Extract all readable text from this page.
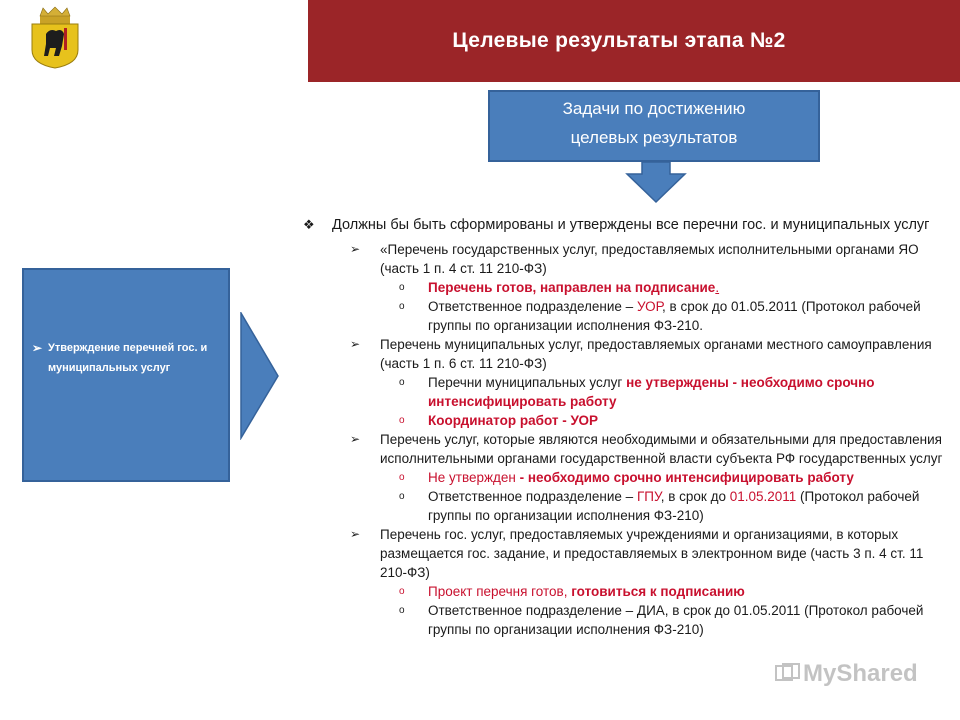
Целевые результаты этапа №2
Задачи по достижению
целевых результатов
➢ Утверждение перечней гос. и муниципальных услуг
❖ Должны бы быть сформированы и утверждены все перечни гос. и муниципальных услуг
➢ «Перечень государственных услуг, предоставляемых исполнительными органами ЯО (часть 1 п. 4 ст. 11 210-ФЗ)
o Перечень готов, направлен на подписание.
o Ответственное подразделение – УОР, в срок до 01.05.2011 (Протокол рабочей группы по организации исполнения ФЗ-210.
➢ Перечень муниципальных услуг, предоставляемых органами местного самоуправления (часть 1 п. 6 ст. 11 210-ФЗ)
o Перечни муниципальных услуг не утверждены - необходимо срочно интенсифицировать работу
o Координатор работ - УОР
➢ Перечень услуг, которые являются необходимыми и обязательными для предоставления исполнительными органами государственной власти субъекта РФ государственных услуг
o Не утвержден - необходимо срочно интенсифицировать работу
o Ответственное подразделение – ГПУ, в срок до 01.05.2011 (Протокол рабочей группы по организации исполнения ФЗ-210)
➢ Перечень гос. услуг, предоставляемых учреждениями и организациями, в которых размещается гос. задание, и предоставляемых в электронном виде (часть 3 п. 4 ст. 11 210-ФЗ)
o Проект перечня готов, готовиться к подписанию
o Ответственное подразделение – ДИА, в срок до 01.05.2011 (Протокол рабочей группы по организации исполнения ФЗ-210)
MyShared
